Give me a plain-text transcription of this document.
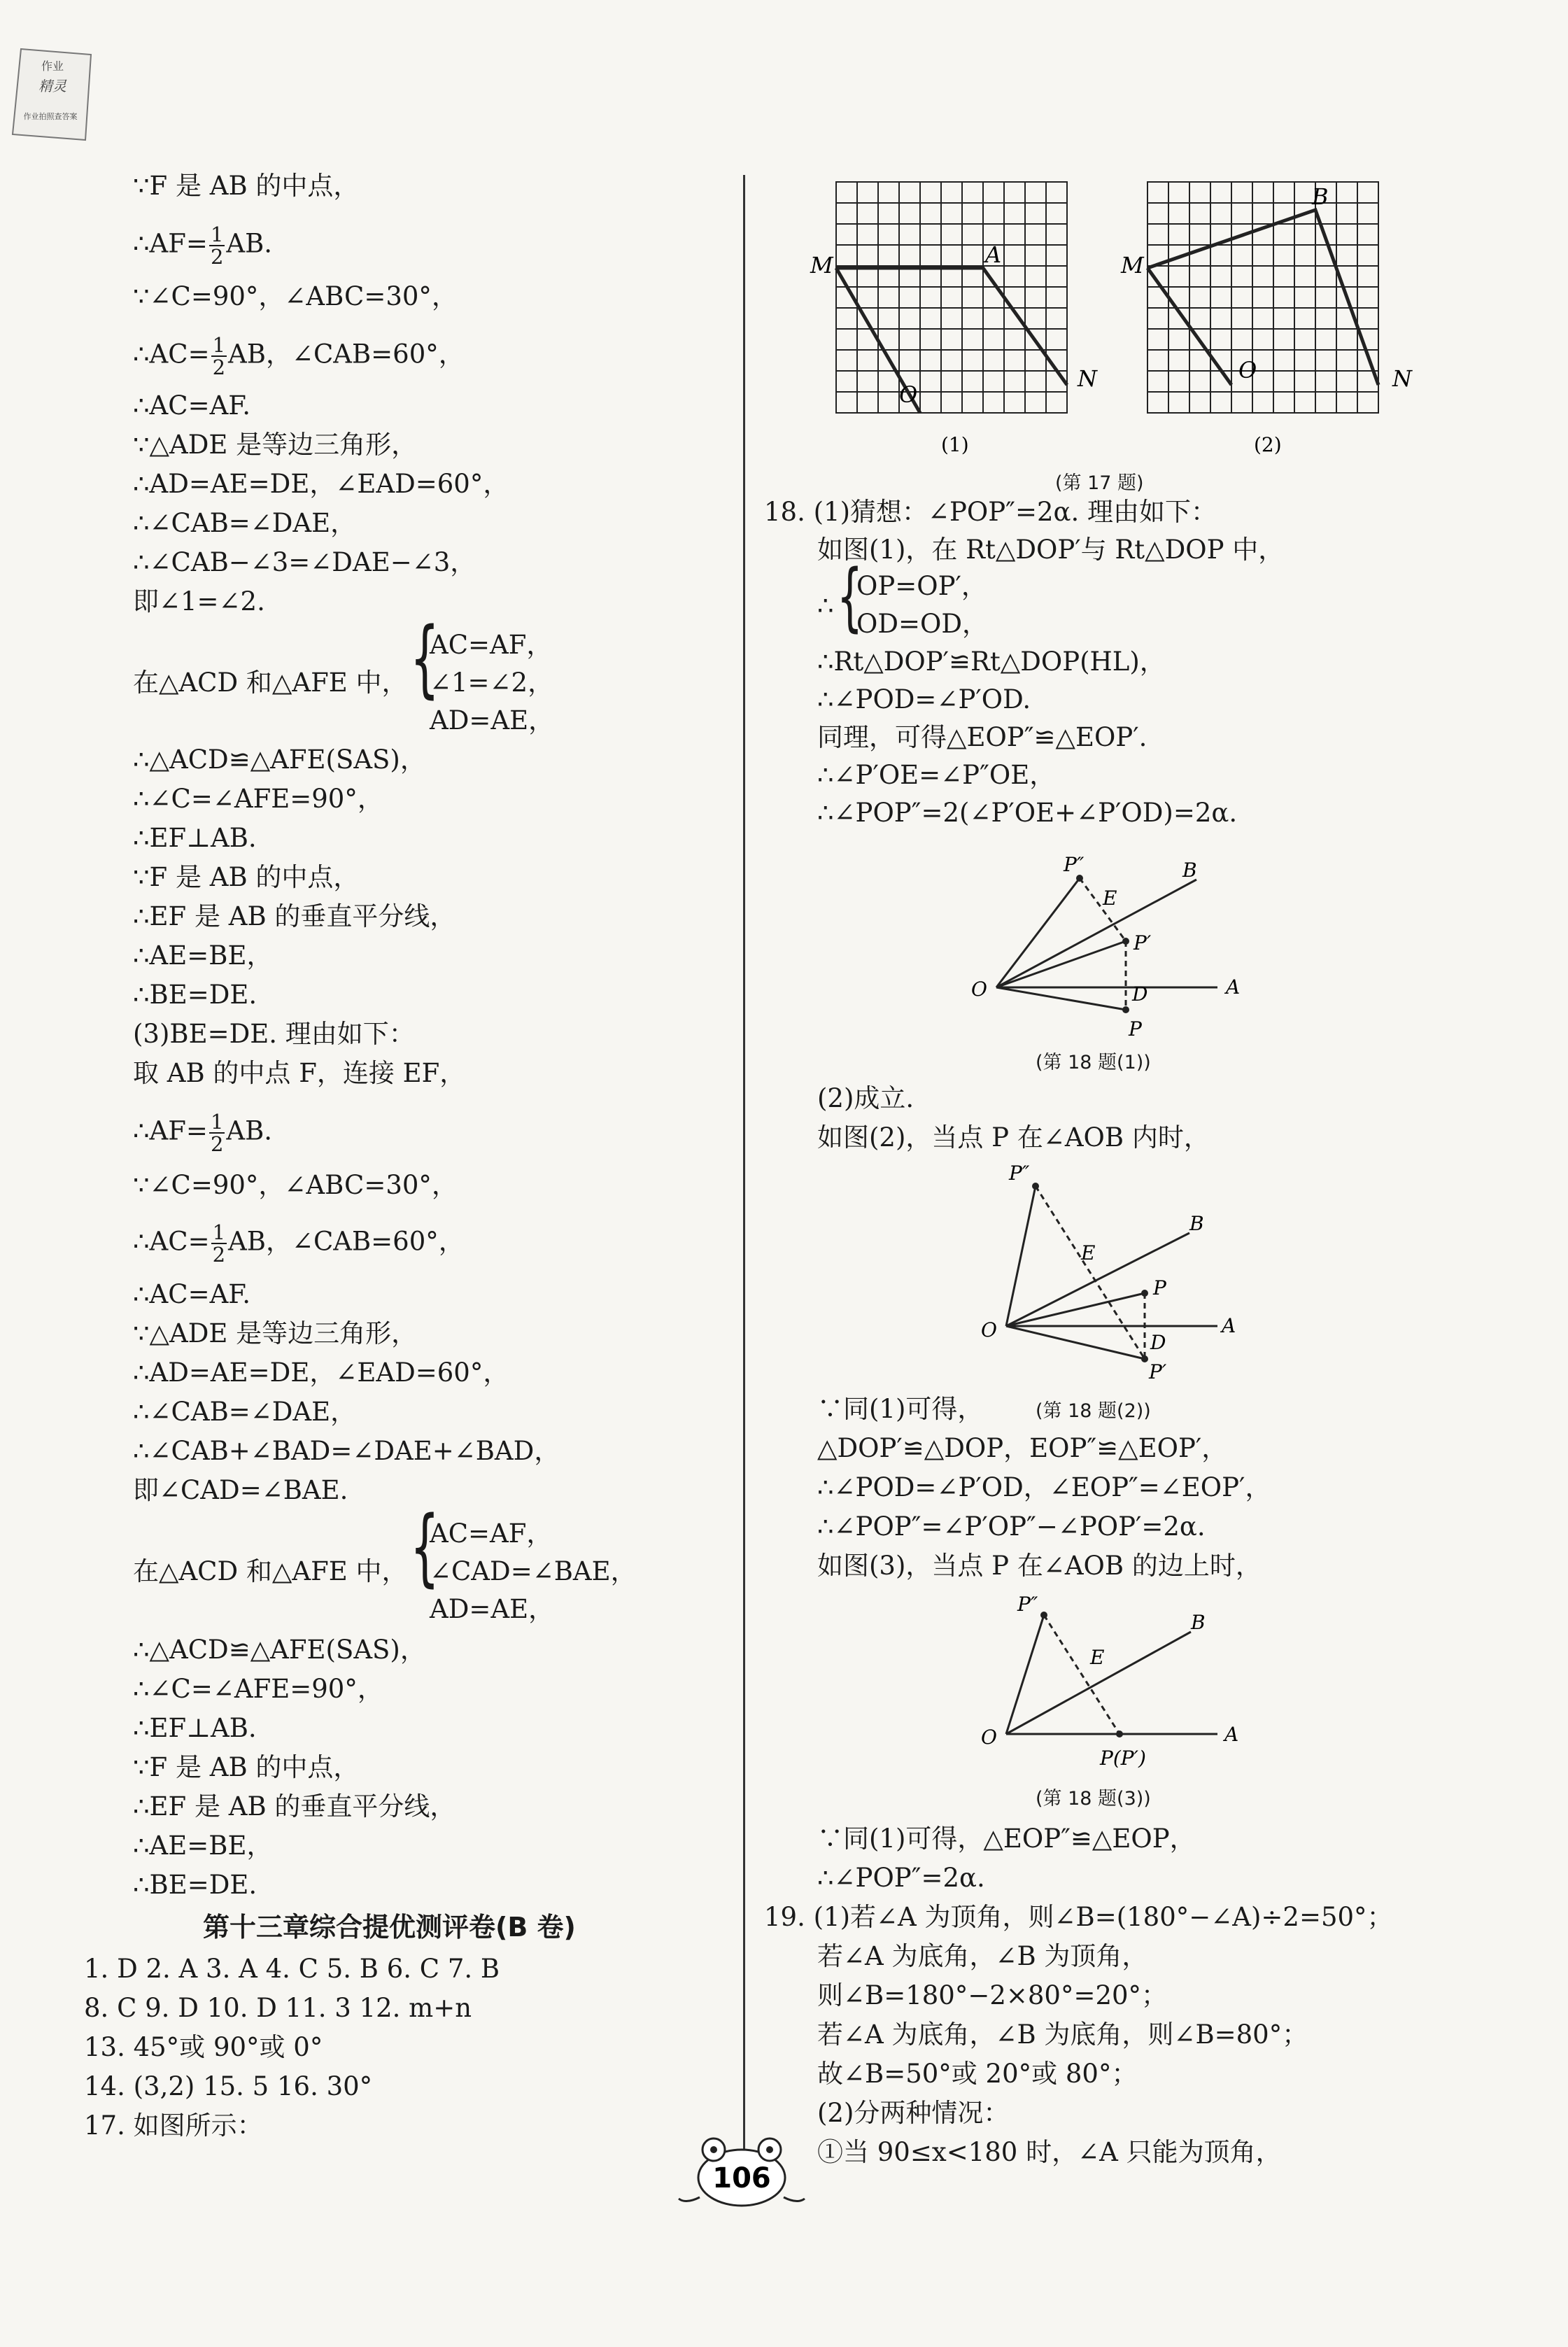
作业
精灵
作业拍照查答案
∵F 是 AB 的中点，
∴AF= $\frac{1}{2}$ AB.
∵∠C=90°，∠ABC=30°，
∴AC= $\frac{1}{2}$ AB，∠CAB=60°，
∴AC=AF.
∵△ADE 是等边三角形，
∴AD=AE=DE，∠EAD=60°，
∴∠CAB=∠DAE，
∴∠CAB−∠3=∠DAE−∠3，
即∠1=∠2.
在△ACD 和△AFE 中， {
AC=AF，
∠1=∠2，
AD=AE，
∴△ACD≌△AFE(SAS)，
∴∠C=∠AFE=90°，
∴EF⊥AB.
∵F 是 AB 的中点，
∴EF 是 AB 的垂直平分线，
∴AE=BE，
∴BE=DE.
(3)BE=DE. 理由如下：
取 AB 的中点 F，连接 EF，
∴AF= $\frac{1}{2}$ AB.
∵∠C=90°，∠ABC=30°，
∴AC= $\frac{1}{2}$ AB，∠CAB=60°，
∴AC=AF.
∵△ADE 是等边三角形，
∴AD=AE=DE，∠EAD=60°，
∴∠CAB=∠DAE，
∴∠CAB+∠BAD=∠DAE+∠BAD，
即∠CAD=∠BAE.
在△ACD 和△AFE 中， {
AC=AF，
∠CAD=∠BAE，
AD=AE，
∴△ACD≌△AFE(SAS)，
∴∠C=∠AFE=90°，
∴EF⊥AB.
∵F 是 AB 的中点，
∴EF 是 AB 的垂直平分线，
∴AE=BE，
∴BE=DE.
第十三章综合提优测评卷(B 卷)
1. D 2. A 3. A 4. C 5. B 6. C 7. B
8. C 9. D 10. D 11. 3 12. m+n
13. 45°或 90°或 0°
14. (3,2) 15. 5 16. 30°
17. 如图所示：
M	A
O
N
(1)
M
B
O	N
(2)
(第 17 题)
18. (1)猜想：∠POP″=2α. 理由如下：
如图(1)，在 Rt△DOP′与 Rt△DOP 中，
∴ {
OP=OP′，
OD=OD，
∴Rt△DOP′≌Rt△DOP(HL)，
∴∠POD=∠P′OD.
同理，可得△EOP″≌△EOP′.
∴∠P′OE=∠P″OE，
∴∠POP″=2(∠P′OE+∠P′OD)=2α.
P″	B
E
P′
O	D	A
P
(第 18 题(1))
(2)成立.
如图(2)，当点 P 在∠AOB 内时，
P″
B
E
P
O
D
A
P′
∵同(1)可得，	(第 18 题(2))
△DOP′≌△DOP，EOP″≌△EOP′，
∴∠POD=∠P′OD，∠EOP″=∠EOP′，
∴∠POP″=∠P′OP″−∠POP′=2α.
如图(3)，当点 P 在∠AOB 的边上时，
P″
B
E
O	A
P(P′)
(第 18 题(3))
∵同(1)可得，△EOP″≌△EOP，
∴∠POP″=2α.
19. (1)若∠A 为顶角，则∠B=(180°−∠A)÷2=50°；
若∠A 为底角，∠B 为顶角，
则∠B=180°−2×80°=20°；
若∠A 为底角，∠B 为底角，则∠B=80°；
故∠B=50°或 20°或 80°；
(2)分两种情况：
①当 90≤x<180 时，∠A 只能为顶角，
106
